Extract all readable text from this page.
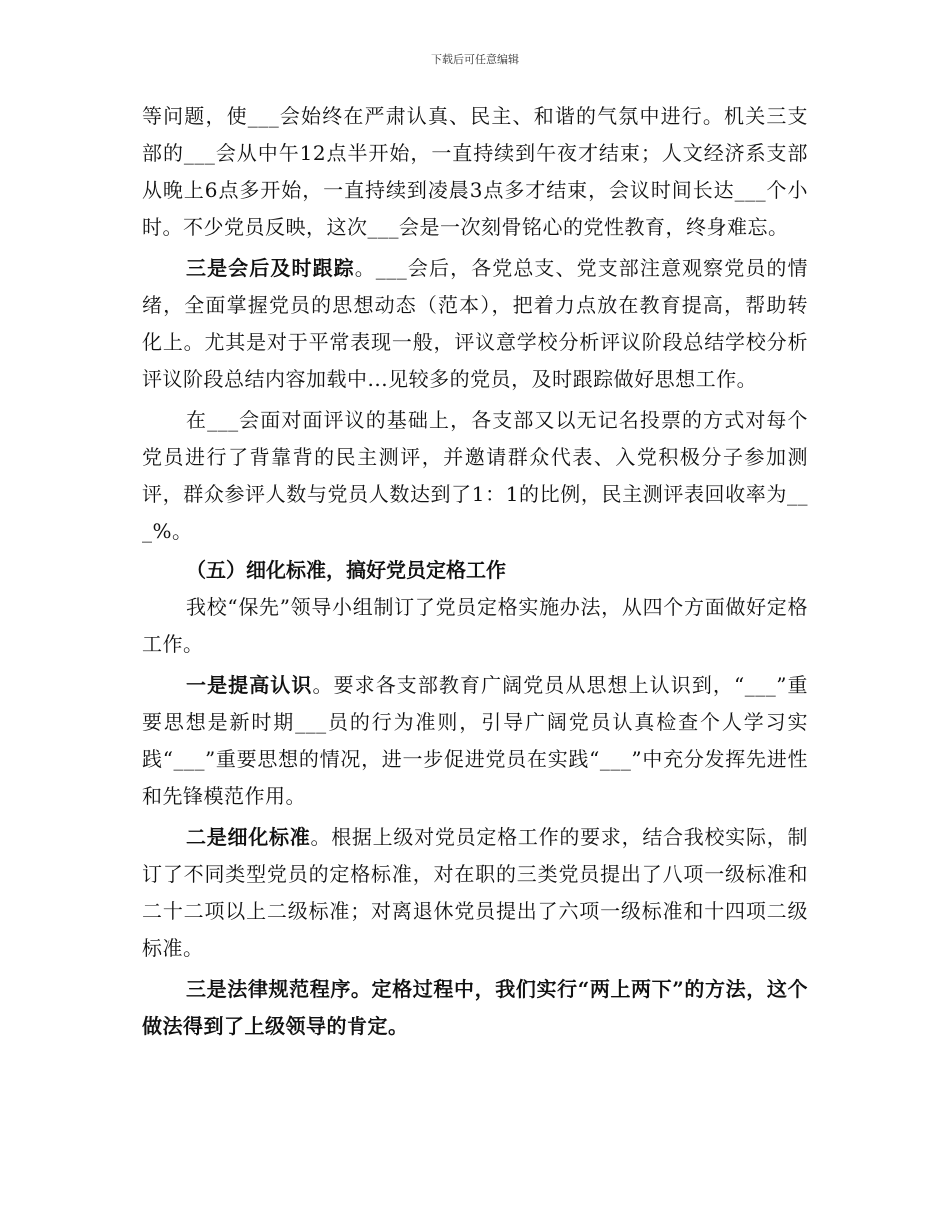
下载后可任意编辑

等问题，使___会始终在严肃认真、民主、和谐的气氛中进行。机关三支部的___会从中午12点半开始，一直持续到午夜才结束；人文经济系支部从晚上6点多开始，一直持续到凌晨3点多才结束，会议时间长达___个小时。不少党员反映，这次___会是一次刻骨铭心的党性教育，终身难忘。

三是会后及时跟踪。___会后，各党总支、党支部注意观察党员的情绪，全面掌握党员的思想动态（范本），把着力点放在教育提高，帮助转化上。尤其是对于平常表现一般，评议意学校分析评议阶段总结学校分析评议阶段总结内容加载中...见较多的党员，及时跟踪做好思想工作。

在___会面对面评议的基础上，各支部又以无记名投票的方式对每个党员进行了背靠背的民主测评，并邀请群众代表、入党积极分子参加测评，群众参评人数与党员人数达到了1：1的比例，民主测评表回收率为___%。

（五）细化标准，搞好党员定格工作

我校“保先”领导小组制订了党员定格实施办法，从四个方面做好定格工作。

一是提高认识。要求各支部教育广阔党员从思想上认识到，“___”重要思想是新时期___员的行为准则，引导广阔党员认真检查个人学习实践“___”重要思想的情况，进一步促进党员在实践“___”中充分发挥先进性和先锋模范作用。

二是细化标准。根据上级对党员定格工作的要求，结合我校实际，制订了不同类型党员的定格标准，对在职的三类党员提出了八项一级标准和二十二项以上二级标准；对离退休党员提出了六项一级标准和十四项二级标准。

三是法律规范程序。定格过程中，我们实行“两上两下”的方法，这个做法得到了上级领导的肯定。
